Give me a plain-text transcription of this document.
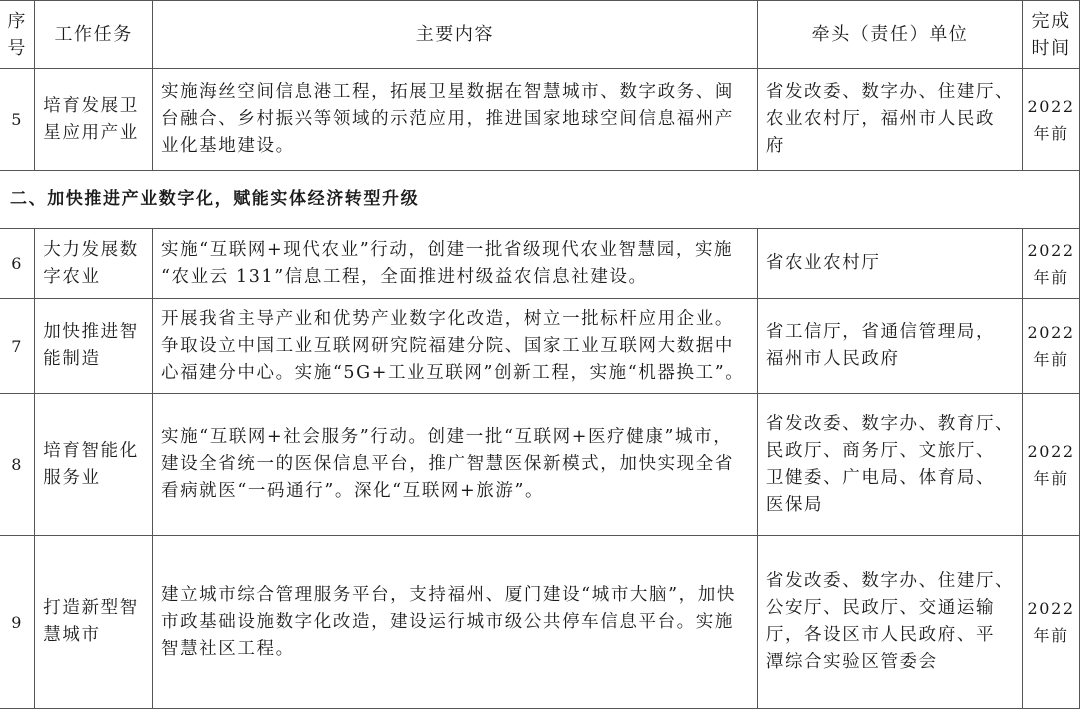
序
号	工作任务	主要内容	牵头（责任）单位	完成
时间

5	培育发展卫
星应用产业	实施海丝空间信息港工程，拓展卫星数据在智慧城市、数字政务、闽
台融合、乡村振兴等领域的示范应用，推进国家地球空间信息福州产
业化基地建设。	省发改委、数字办、住建厅、
农业农村厅，福州市人民政
府	2022
年前

二、加快推进产业数字化，赋能实体经济转型升级				
6	大力发展数
字农业	实施“互联网+现代农业”行动，创建一批省级现代农业智慧园，实施
“农业云 131”信息工程，全面推进村级益农信息社建设。	省农业农村厅	2022
年前

7	加快推进智
能制造	开展我省主导产业和优势产业数字化改造，树立一批标杆应用企业。
争取设立中国工业互联网研究院福建分院、国家工业互联网大数据中
心福建分中心。实施“5G+工业互联网”创新工程，实施“机器换工”。	省工信厅，省通信管理局，
福州市人民政府	2022
年前

8	培育智能化
服务业	实施“互联网+社会服务”行动。创建一批“互联网+医疗健康”城市，
建设全省统一的医保信息平台，推广智慧医保新模式，加快实现全省
看病就医“一码通行”。深化“互联网+旅游”。	省发改委、数字办、教育厅、
民政厅、商务厅、文旅厅、
卫健委、广电局、体育局、
医保局	2022
年前

9	打造新型智
慧城市	建立城市综合管理服务平台，支持福州、厦门建设“城市大脑”，加快
市政基础设施数字化改造，建设运行城市级公共停车信息平台。实施
智慧社区工程。	省发改委、数字办、住建厅、
公安厅、民政厅、交通运输
厅，各设区市人民政府、平
潭综合实验区管委会	2022
年前
